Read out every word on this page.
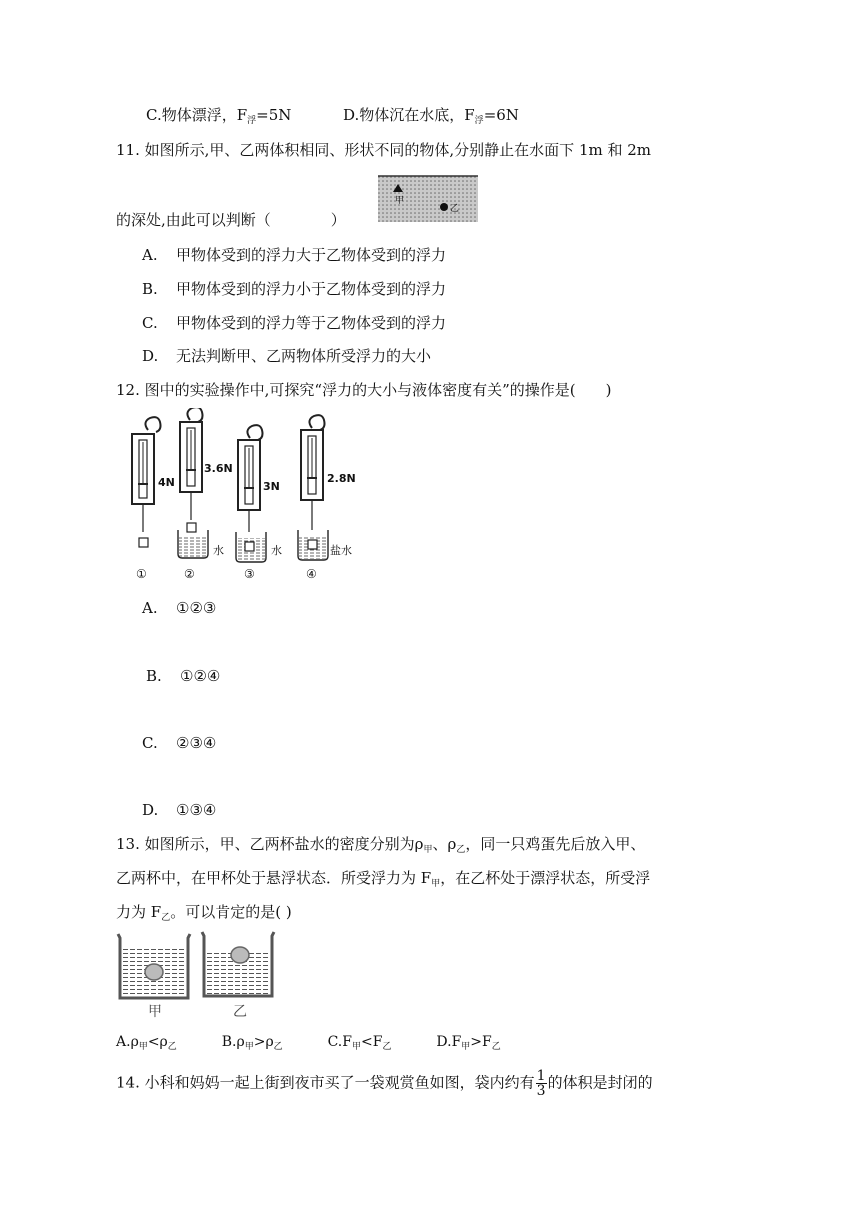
C.物体漂浮，$F_浮=5N$	D.物体沉在水底，$F_浮=6N$
11. 如图所示,甲、乙两体积相同、形状不同的物体,分别静止在水面下 1m 和 2m
甲
乙
的深处,由此可以判断（　　　　）
A. 甲物体受到的浮力大于乙物体受到的浮力
B. 甲物体受到的浮力小于乙物体受到的浮力
C. 甲物体受到的浮力等于乙物体受到的浮力
D. 无法判断甲、乙两物体所受浮力的大小
12. 图中的实验操作中,可探究“浮力的大小与液体密度有关”的操作是(　　)
4N
①
3.6N
水
②
3N
水
③
2.8N
盐水
④
A. ①②③
B. ①②④
C. ②③④
D. ①③④
13. 如图所示，甲、乙两杯盐水的密度分别为$\rho_甲$、$\rho_乙$，同一只鸡蛋先后放入甲、
乙两杯中，在甲杯处于悬浮状态．所受浮力为 $F_甲$，在乙杯处于漂浮状态，所受浮
力为 $F_乙$。可以肯定的是( )
甲	乙
$A.\rho_甲<\rho_乙$	$B.\rho_甲>\rho_乙$	$C.F_甲<F_乙$	$D.F_甲>F_乙$
14. 小科和妈妈一起上街到夜市买了一袋观赏鱼如图，袋内约有 $\frac{1}{3}$ 的体积是封闭的
